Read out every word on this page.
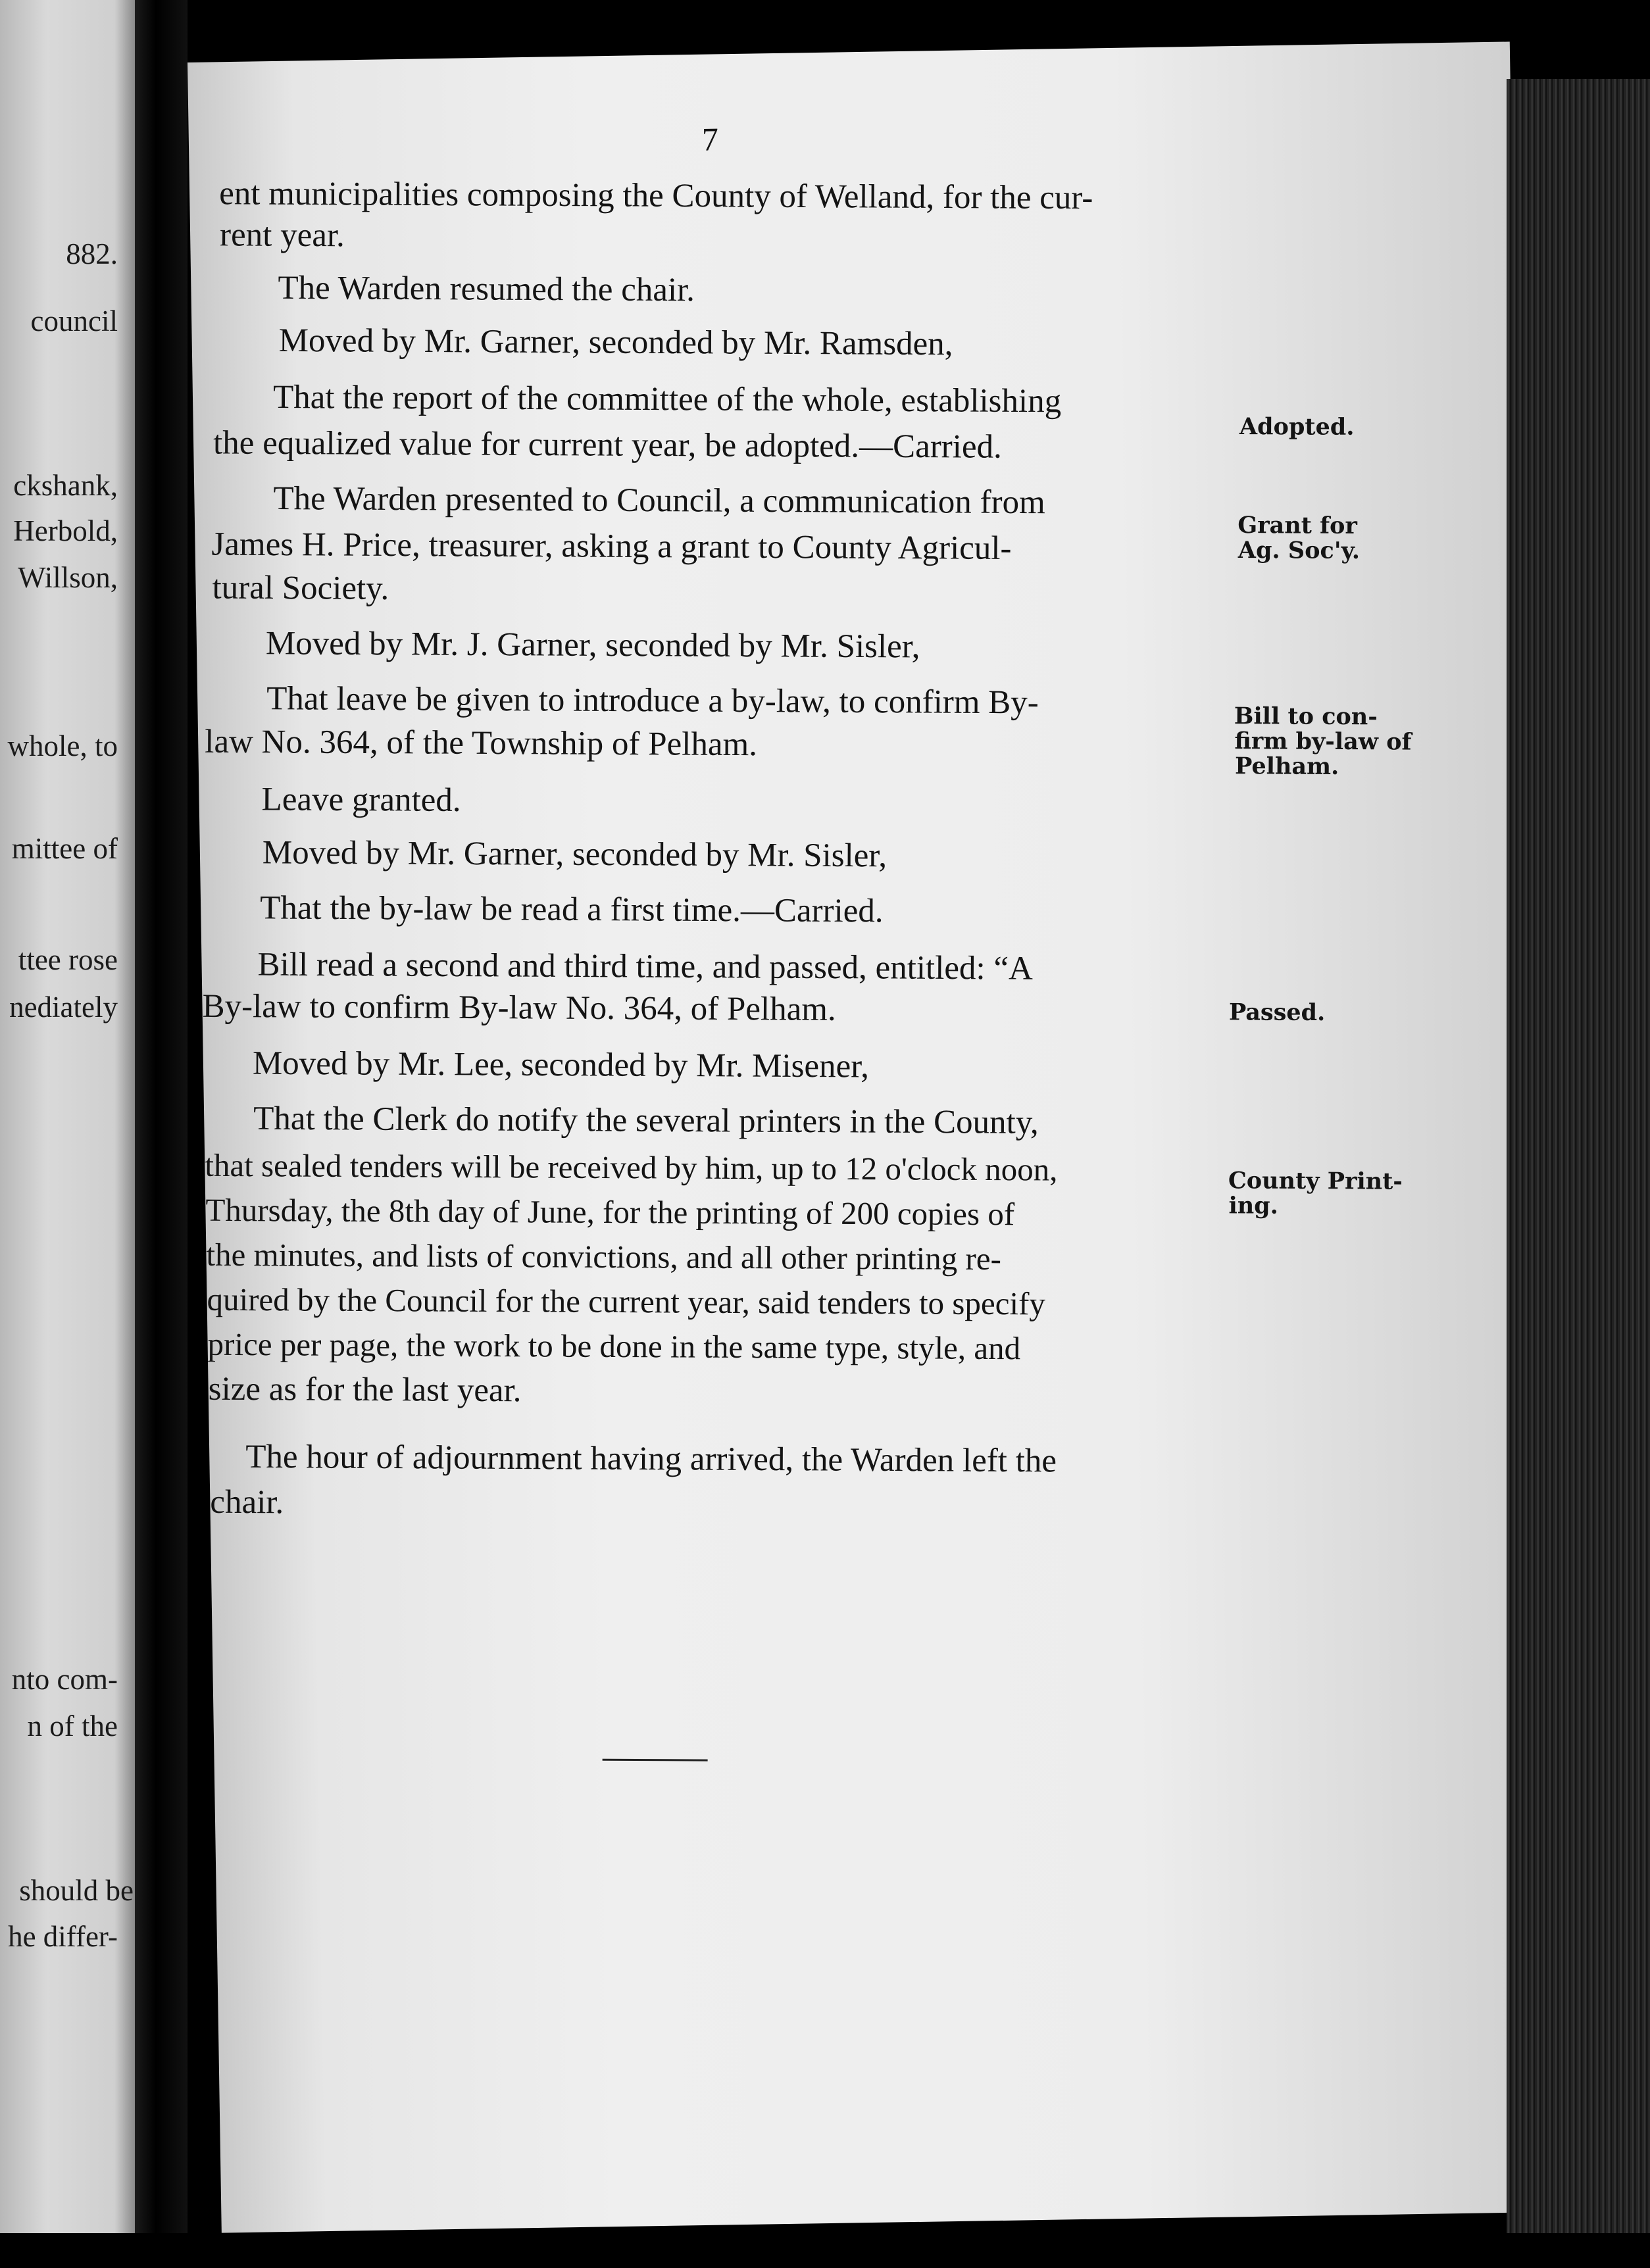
882.
council
ckshank,
Herbold,
Willson,
whole, to
mittee of
ttee rose
nediately
nto com-
n of the
should be
he differ-
7
ent municipalities composing the County of Welland, for the cur-
rent year.
The Warden resumed the chair.
Moved by Mr. Garner, seconded by Mr. Ramsden,
That the report of the committee of the whole, establishing
the equalized value for current year, be adopted.—Carried.
The Warden presented to Council, a communication from
James H. Price, treasurer, asking a grant to County Agricul-
tural Society.
Moved by Mr. J. Garner, seconded by Mr. Sisler,
That leave be given to introduce a by-law, to confirm By-
law No. 364, of the Township of Pelham.
Leave granted.
Moved by Mr. Garner, seconded by Mr. Sisler,
That the by-law be read a first time.—Carried.
Bill read a second and third time, and passed, entitled: “A
By-law to confirm By-law No. 364, of Pelham.
Moved by Mr. Lee, seconded by Mr. Misener,
That the Clerk do notify the several printers in the County,
that sealed tenders will be received by him, up to 12 o'clock noon,
Thursday, the 8th day of June, for the printing of 200 copies of
the minutes, and lists of convictions, and all other printing re-
quired by the Council for the current year, said tenders to specify
price per page, the work to be done in the same type, style, and
size as for the last year.
The hour of adjournment having arrived, the Warden left the
chair.
Adopted.
Grant for
Ag. Soc'y.
Bill to con-
firm by-law of
Pelham.
Passed.
County Print-
ing.
